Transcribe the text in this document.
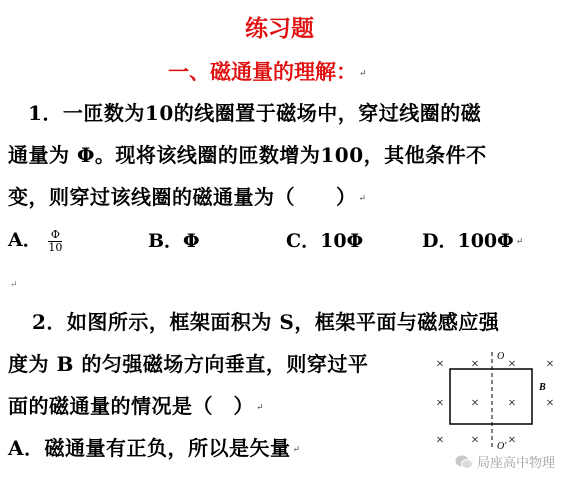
练习题
一、磁通量的理解： ↵
1．一匝数为10的线圈置于磁场中，穿过线圈的磁
通量为 Φ。现将该线圈的匝数增为100，其他条件不
变，则穿过该线圈的磁通量为（　　） ↵
A． $\frac{\Phi}{10}$	B．Φ	C．10Φ	D．100Φ ↵
↵
2．如图所示，框架面积为 S，框架平面与磁感应强
度为 B 的匀强磁场方向垂直，则穿过平
面的磁通量的情况是（　） ↵
A．磁通量有正负，所以是矢量 ↵
O
O'
B
× × × ×
× × × ×
× × ×
局座高中物理
